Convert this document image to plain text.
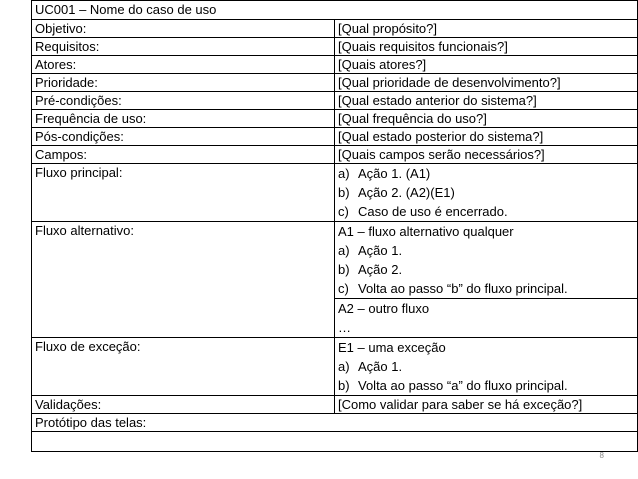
UC001 – Nome do caso de uso	
Objetivo:	[Qual propósito?]
Requisitos:	[Quais requisitos funcionais?]
Atores:	[Quais atores?]
Prioridade:	[Qual prioridade de desenvolvimento?]
Pré-condições:	[Qual estado anterior do sistema?]
Frequência de uso:	[Qual frequência do uso?]
Pós-condições:	[Qual estado posterior do sistema?]
Campos:	[Quais campos serão necessários?]
Fluxo principal:	a) Ação 1. (A1)
b) Ação 2. (A2)(E1)
c) Caso de uso é encerrado.

Fluxo alternativo:	A1 – fluxo alternativo qualquer
a) Ação 1.
b) Ação 2.
c) Volta ao passo “b” do fluxo principal.

	A2 – outro fluxo
…

Fluxo de exceção:	E1 – uma exceção
a) Ação 1.
b) Volta ao passo “a” do fluxo principal.

Validações:	[Como validar para saber se há exceção?]
Protótipo das telas:	

8
